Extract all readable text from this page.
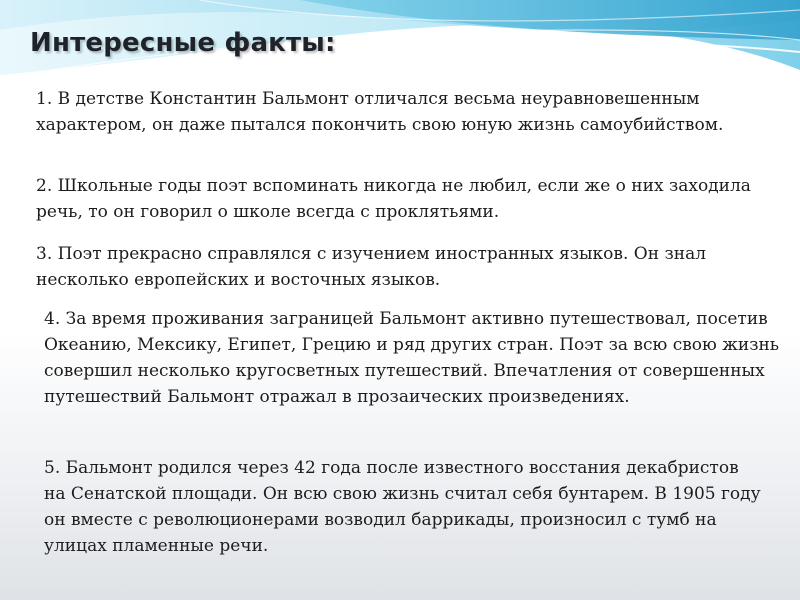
Интересные факты:

1. В детстве Константин Бальмонт отличался весьма неуравновешенным характером, он даже пытался покончить свою юную жизнь самоубийством.

2. Школьные годы поэт вспоминать никогда не любил, если же о них заходила речь, то он говорил о школе всегда с проклятьями.

3. Поэт прекрасно справлялся с изучением иностранных языков. Он знал несколько европейских и восточных языков.

4. За время проживания заграницей Бальмонт активно путешествовал, посетив Океанию, Мексику, Египет, Грецию и ряд других стран. Поэт за всю свою жизнь совершил несколько кругосветных путешествий. Впечатления от совершенных путешествий Бальмонт отражал в прозаических произведениях.

5. Бальмонт родился через 42 года после известного восстания декабристов на Сенатской площади. Он всю свою жизнь считал себя бунтарем. В 1905 году он вместе с революционерами возводил баррикады, произносил с тумб на улицах пламенные речи.
